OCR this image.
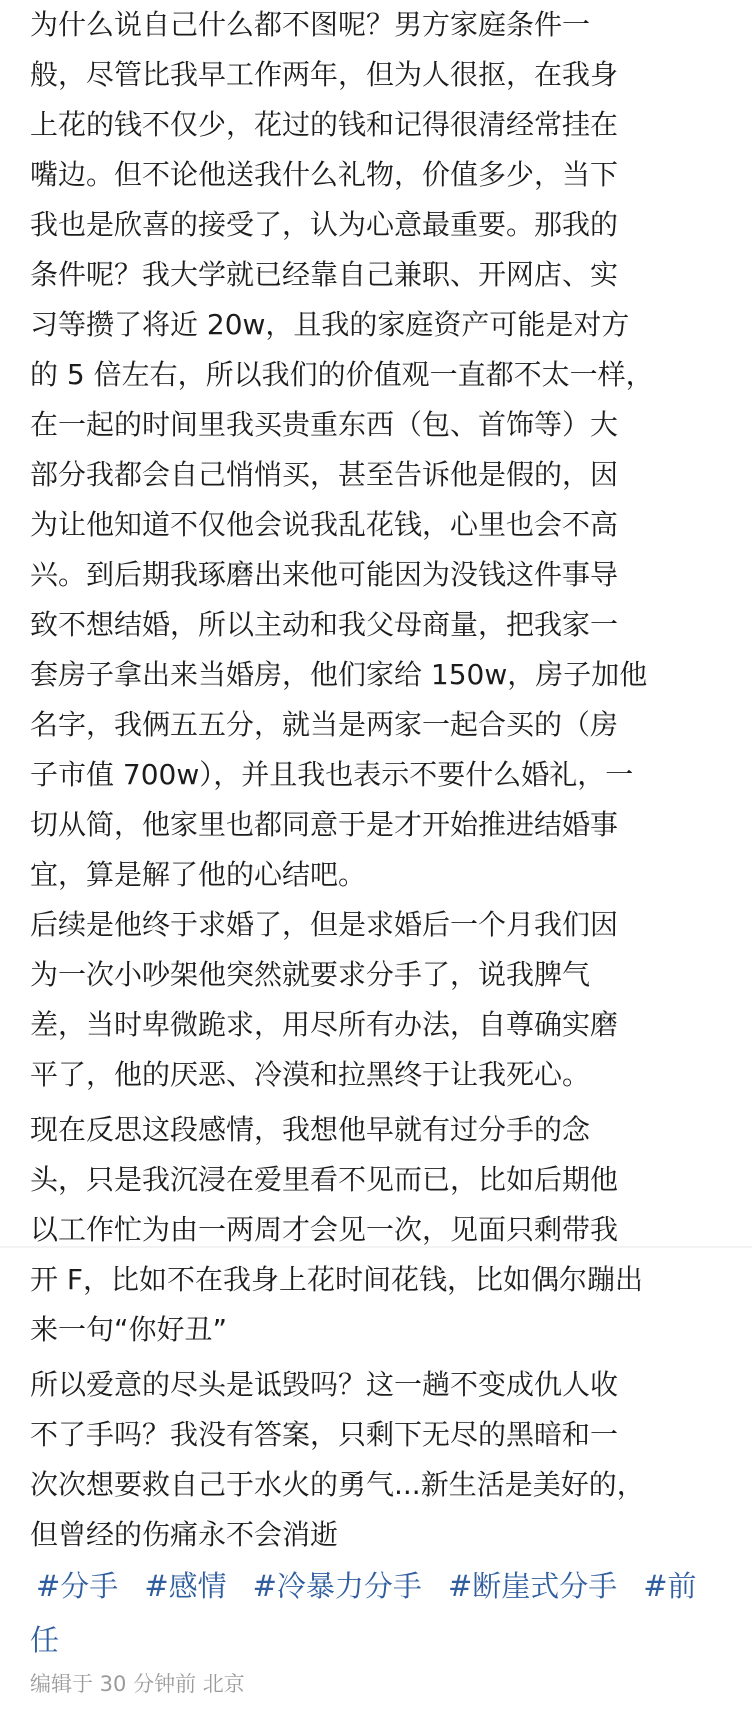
为什么说自己什么都不图呢？男方家庭条件一
般，尽管比我早工作两年，但为人很抠，在我身
上花的钱不仅少，花过的钱和记得很清经常挂在
嘴边。但不论他送我什么礼物，价值多少，当下
我也是欣喜的接受了，认为心意最重要。那我的
条件呢？我大学就已经靠自己兼职、开网店、实
习等攒了将近 20w，且我的家庭资产可能是对方
的 5 倍左右，所以我们的价值观一直都不太一样，
在一起的时间里我买贵重东西（包、首饰等）大
部分我都会自己悄悄买，甚至告诉他是假的，因
为让他知道不仅他会说我乱花钱，心里也会不高
兴。到后期我琢磨出来他可能因为没钱这件事导
致不想结婚，所以主动和我父母商量，把我家一
套房子拿出来当婚房，他们家给 150w，房子加他
名字，我俩五五分，就当是两家一起合买的（房
子市值 700w），并且我也表示不要什么婚礼，一
切从简，他家里也都同意于是才开始推进结婚事
宜，算是解了他的心结吧。
后续是他终于求婚了，但是求婚后一个月我们因
为一次小吵架他突然就要求分手了，说我脾气
差，当时卑微跪求，用尽所有办法，自尊确实磨
平了，他的厌恶、冷漠和拉黑终于让我死心。
现在反思这段感情，我想他早就有过分手的念
头，只是我沉浸在爱里看不见而已，比如后期他
以工作忙为由一两周才会见一次，见面只剩带我
开 F，比如不在我身上花时间花钱，比如偶尔蹦出
来一句“你好丑”
所以爱意的尽头是诋毁吗？这一趟不变成仇人收
不了手吗？我没有答案，只剩下无尽的黑暗和一
次次想要救自己于水火的勇气...新生活是美好的，
但曾经的伤痛永不会消逝
#分手 #感情 #冷暴力分手 #断崖式分手 #前
任
编辑于 30 分钟前 北京
